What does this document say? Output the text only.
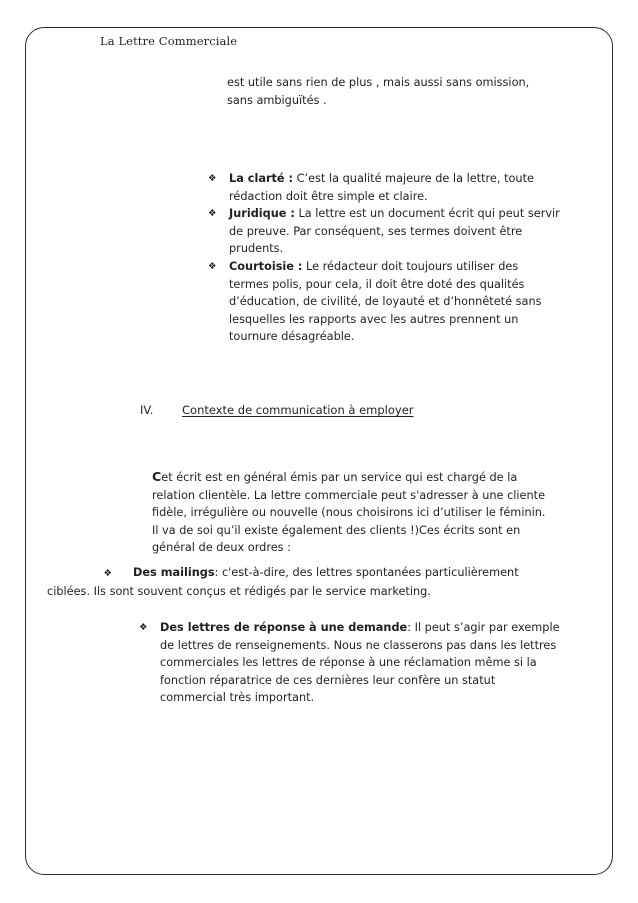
La Lettre Commerciale
est utile sans rien de plus , mais aussi sans omission, sans ambiguïtés .
❖ La clarté : C’est la qualité majeure de la lettre, toute rédaction doit être simple et claire.
❖ Juridique : La lettre est un document écrit qui peut servir de preuve. Par conséquent, ses termes doivent être prudents.
❖ Courtoisie : Le rédacteur doit toujours utiliser des termes polis, pour cela, il doit être doté des qualités d’éducation, de civilité, de loyauté et d’honnêteté sans lesquelles les rapports avec les autres prennent un tournure désagréable.
IV. Contexte de communication à employer
Cet écrit est en général émis par un service qui est chargé de la relation clientèle. La lettre commerciale peut s'adresser à une cliente fidèle, irrégulière ou nouvelle (nous choisirons ici d’utiliser le féminin. Il va de soi qu’il existe également des clients !)Ces écrits sont en général de deux ordres :
❖ Des mailings: c'est-à-dire, des lettres spontanées particulièrement ciblées. Ils sont souvent conçus et rédigés par le service marketing.
❖ Des lettres de réponse à une demande: Il peut s’agir par exemple de lettres de renseignements. Nous ne classerons pas dans les lettres commerciales les lettres de réponse à une réclamation même si la fonction réparatrice de ces dernières leur confère un statut commercial très important.
